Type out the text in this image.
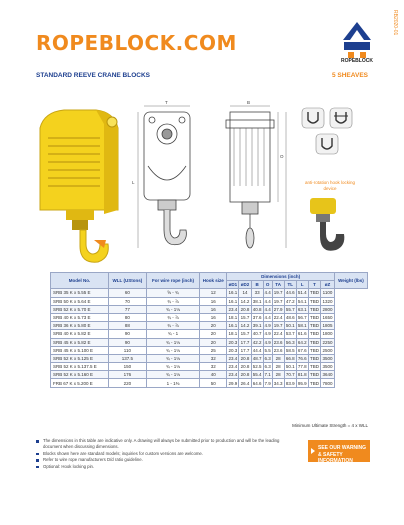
ROPEBLOCK.COM
ROPEBLOCK
RB2020-01
STANDARD REEVE CRANE BLOCKS	5 SHEAVES
L
T	B
O
anti-rotation hook locking device
Model No.	WLL (UStons)	For wire rope (inch)	Hook size	Dimensions (inch)									Weight (lbs)
				øD1	øD2	B	O	TA	TL	L	T	øZ	
SRB 35 K x 5.55 E	60	⅝ - ¾	12	16.1	14	33	4.4	19.7	44.6	51.4	TBD	1100	
SRB 50 K x 5.64 E	70	¾ - ⅞	16	16.1	14.2	38.1	4.4	19.7	47.2	54.1	TBD	1320	
SRB 52 K x 5.70 E	77	¾ - 1⅛	16	23.4	20.8	40.8	4.4	27.9	55.7	63.1	TBD	2800	
SRB 40 K x 5.73 E	80	¾ - ⅞	16	18.1	15.7	37.6	4.4	22.4	48.6	56.7	TBD	1650	
SRB 36 K x 5.80 E	88	¾ - ⅞	20	16.1	14.2	39.1	4.9	19.7	50.1	58.1	TBD	1805	
SRB 40 K x 5.82 E	90	¾ - 1	20	18.1	15.7	40.7	4.9	22.4	53.7	61.6	TBD	1800	
SRB 45 K x 5.82 E	90	¾ - 1⅛	20	20.3	17.7	42.2	4.9	23.6	56.3	64.2	TBD	2250	
SRB 45 K x 5.100 E	110	¾ - 1⅛	25	20.3	17.7	44.4	5.5	23.6	58.5	67.6	TBD	2500	
SRB 52 K x 5.125 E	137.5	¾ - 1⅛	32	23.4	20.8	48.7	6.3	28	66.8	76.6	TBD	3500	
SRB 52 K x 5.137.5 E	150	¾ - 1⅛	32	23.4	20.8	52.5	6.3	28	50.1	77.8	TBD	3500	
SRB 52 K x 5.160 E	176	¾ - 1⅛	40	23.4	20.8	55.4	7.1	28	70.7	81.8	TBD	3640	
FRB 67 K x 5.200 E	220	1 - 1⅜	50	29.9	26.4	64.6	7.9	34.3	83.9	95.9	TBD	7800	
Minimum Ultimate Strength = 4 x WLL
The dimensions in this table are indicative only. A drawing will always be submitted prior to production and will be the leading document when discussing dimensions.
Blocks shown here are standard models; inquiries for custom versions are welcome.
Refer to wire rope manufacturers D/d ratio guideline.
Optional: Hook locking pin.
SEE OUR WARNING & SAFETY INFORMATION
